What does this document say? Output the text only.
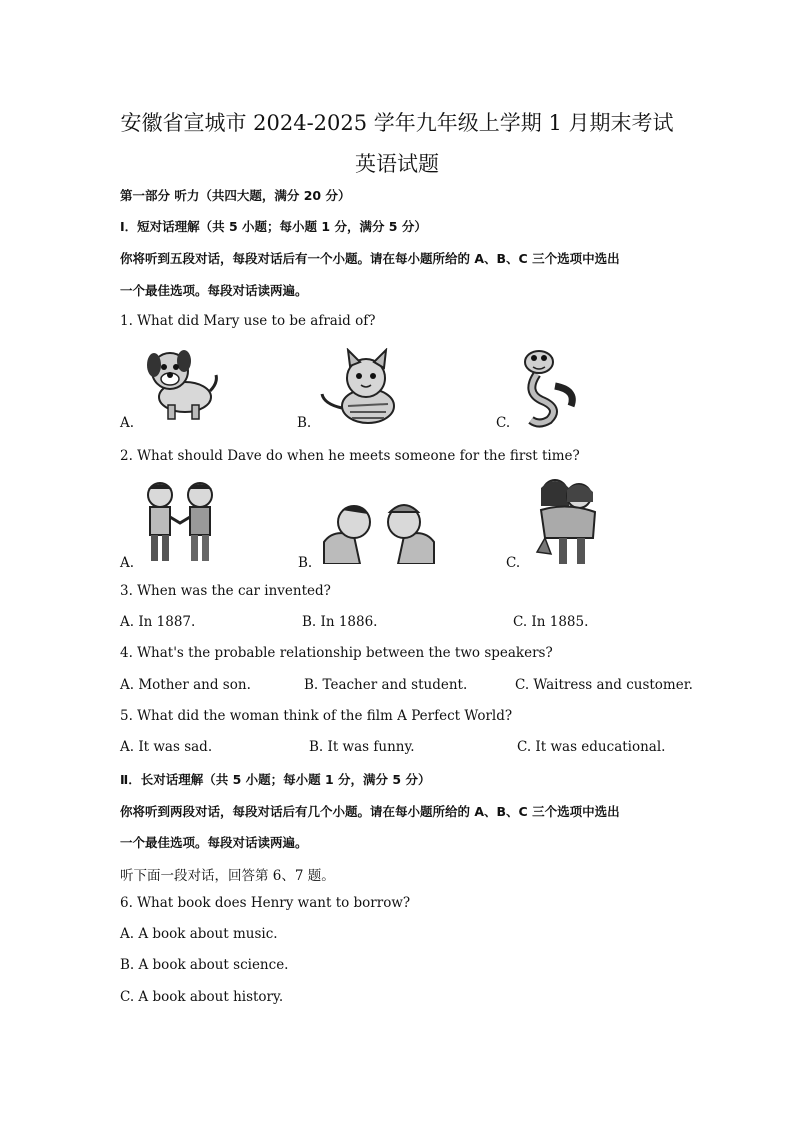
安徽省宣城市 2024-2025 学年九年级上学期 1 月期末考试
英语试题
第一部分 听力（共四大题，满分 20 分）
Ⅰ．短对话理解（共 5 小题；每小题 1 分，满分 5 分）
你将听到五段对话，每段对话后有一个小题。请在每小题所给的 A、B、C 三个选项中选出
一个最佳选项。每段对话读两遍。
1. What did Mary use to be afraid of?
A.	B.	C.
2. What should Dave do when he meets someone for the first time?
A.	B.	C.
3. When was the car invented?
A. In 1887.	B. In 1886.	C. In 1885.
4. What's the probable relationship between the two speakers?
A. Mother and son.	B. Teacher and student.	C. Waitress and customer.
5. What did the woman think of the film A Perfect World?
A. It was sad.	B. It was funny.	C. It was educational.
Ⅱ．长对话理解（共 5 小题；每小题 1 分，满分 5 分）
你将听到两段对话，每段对话后有几个小题。请在每小题所给的 A、B、C 三个选项中选出
一个最佳选项。每段对话读两遍。
听下面一段对话，回答第 6、7 题。
6. What book does Henry want to borrow?
A. A book about music.
B. A book about science.
C. A book about history.
